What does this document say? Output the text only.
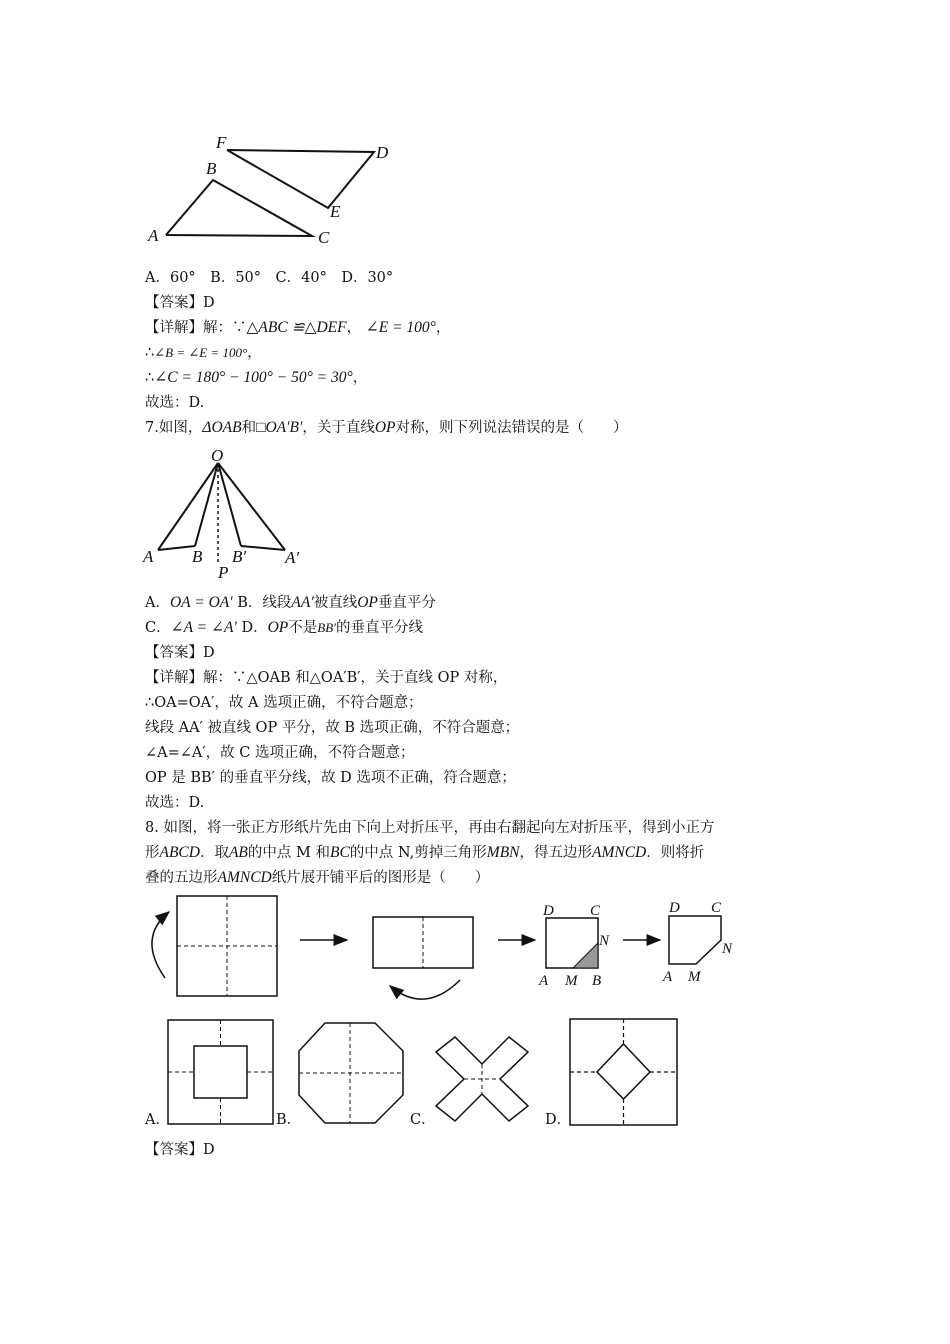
A
B
C
F
D
E
A．60°　B．50°　C．40°　D．30°
【答案】D
【详解】解：∵△ABC ≌△DEF， ∠E = 100°，
∴∠B = ∠E = 100°，
∴∠C = 180° − 100° − 50° = 30°，
故选：D.
7.如图，ΔOAB和□OA′B′，关于直线OP对称，则下列说法错误的是（　　）
O
A B B′ A′
P
A．OA = OA′ B．线段AA′被直线OP垂直平分
C．∠A = ∠A′ D．OP不是BB′的垂直平分线
【答案】D
【详解】解：∵△OAB 和△OA′B′，关于直线 OP 对称，
∴OA=OA′，故 A 选项正确，不符合题意；
线段 AA′ 被直线 OP 平分，故 B 选项正确，不符合题意；
∠A=∠A′，故 C 选项正确，不符合题意；
OP 是 BB′ 的垂直平分线，故 D 选项不正确，符合题意；
故选：D.
8. 如图，将一张正方形纸片先由下向上对折压平，再由右翻起向左对折压平，得到小正方
形ABCD．取AB的中点 M 和BC的中点 N,剪掉三角形MBN，得五边形AMNCD．则将折
叠的五边形AMNCD纸片展开铺平后的图形是（　　）
D C
N
A M B
D C
N
A M
A．	B．	C．	D．
【答案】D
